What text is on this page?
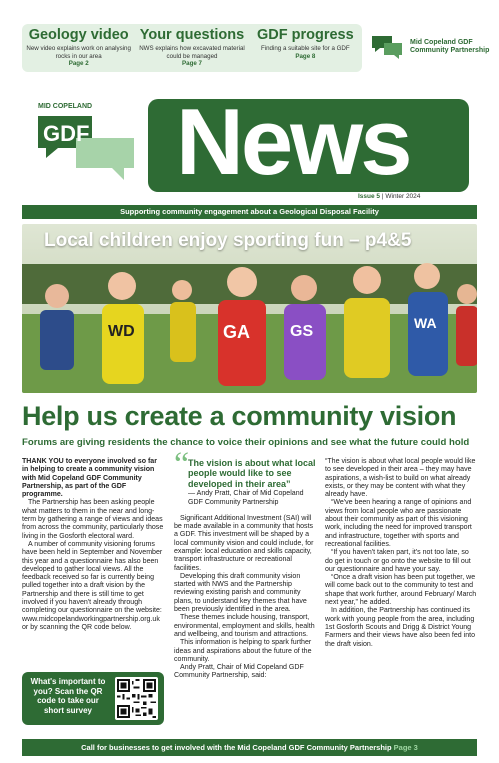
Geology video

New video explains work on analysing rocks in our area
Page 2

Your questions

NWS explains how excavated material could be managed
Page 7

GDF progress

Finding a suitable site for a GDF
Page 8

Mid Copeland GDF Community Partnership
MID COPELAND
GDF News
Issue 5 | Winter 2024
Supporting community engagement about a Geological Disposal Facility
WD	GA	GS	WA
Local children enjoy sporting fun – p4&5
Help us create a community vision
Forums are giving residents the chance to voice their opinions and see what the future could hold

THANK YOU to everyone involved so far in helping to create a community vision with Mid Copeland GDF Community Partnership, as part of the GDF programme.

The Partnership has been asking people what matters to them in the near and long-term by gathering a range of views and ideas from across the community, particularly those living in the Gosforth electoral ward.

A number of community visioning forums have been held in September and November this year and a questionnaire has also been developed to gather local views. All the feedback received so far is currently being pulled together into a draft vision by the Partnership and there is still time to get involved if you haven't already through completing our questionnaire on the website: www.midcopelandworkingpartnership.org.uk or by scanning the QR code below.

“

The vision is about what local people would like to see developed in their area”

— Andy Pratt, Chair of Mid Copeland GDF Community Partnership

Significant Additional Investment (SAI) will be made available in a community that hosts a GDF. This investment will be shaped by a local community vision and could include, for example: local education and skills capacity, transport infrastructure or recreational facilities.

Developing this draft community vision started with NWS and the Partnership reviewing existing parish and community plans, to understand key themes that have been previously identified in the area.

These themes include housing, transport, environmental, employment and skills, health and wellbeing, and tourism and attractions.

This information is helping to spark further ideas and aspirations about the future of the community.

Andy Pratt, Chair of Mid Copeland GDF Community Partnership, said:

“The vision is about what local people would like to see developed in their area – they may have aspirations, a wish-list to build on what already exists, or they may be content with what they already have.

“We've been hearing a range of opinions and views from local people who are passionate about their community as part of this visioning work, including the need for improved transport and infrastructure, together with sports and recreational facilities.

“If you haven't taken part, it's not too late, so do get in touch or go onto the website to fill out our questionnaire and have your say.

“Once a draft vision has been put together, we will come back out to the community to test and shape that work further, around February/ March next year,” he added.

In addition, the Partnership has continued its work with young people from the area, including 1st Gosforth Scouts and Drigg & District Young Farmers and their views have also been fed into the draft vision.

What's important to you? Scan the QR code to take our short survey
Call for businesses to get involved with the Mid Copeland GDF Community Partnership Page 3
